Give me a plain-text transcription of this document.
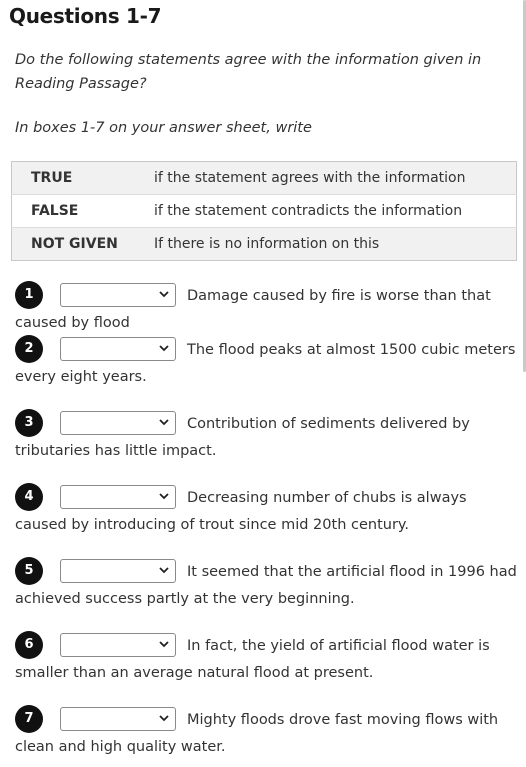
Questions 1-7

Do the following statements agree with the information given in Reading Passage?

In boxes 1-7 on your answer sheet, write

TRUE	if the statement agrees with the information
FALSE	if the statement contradicts the information
NOT GIVEN	If there is no information on this
1	Damage caused by fire is worse than that caused by flood
2	The flood peaks at almost 1500 cubic meters every eight years.
3	Contribution of sediments delivered by tributaries has little impact.
4	Decreasing number of chubs is always caused by introducing of trout since mid 20th century.
5	It seemed that the artificial flood in 1996 had achieved success partly at the very beginning.
6	In fact, the yield of artificial flood water is smaller than an average natural flood at present.
7	Mighty floods drove fast moving flows with clean and high quality water.
